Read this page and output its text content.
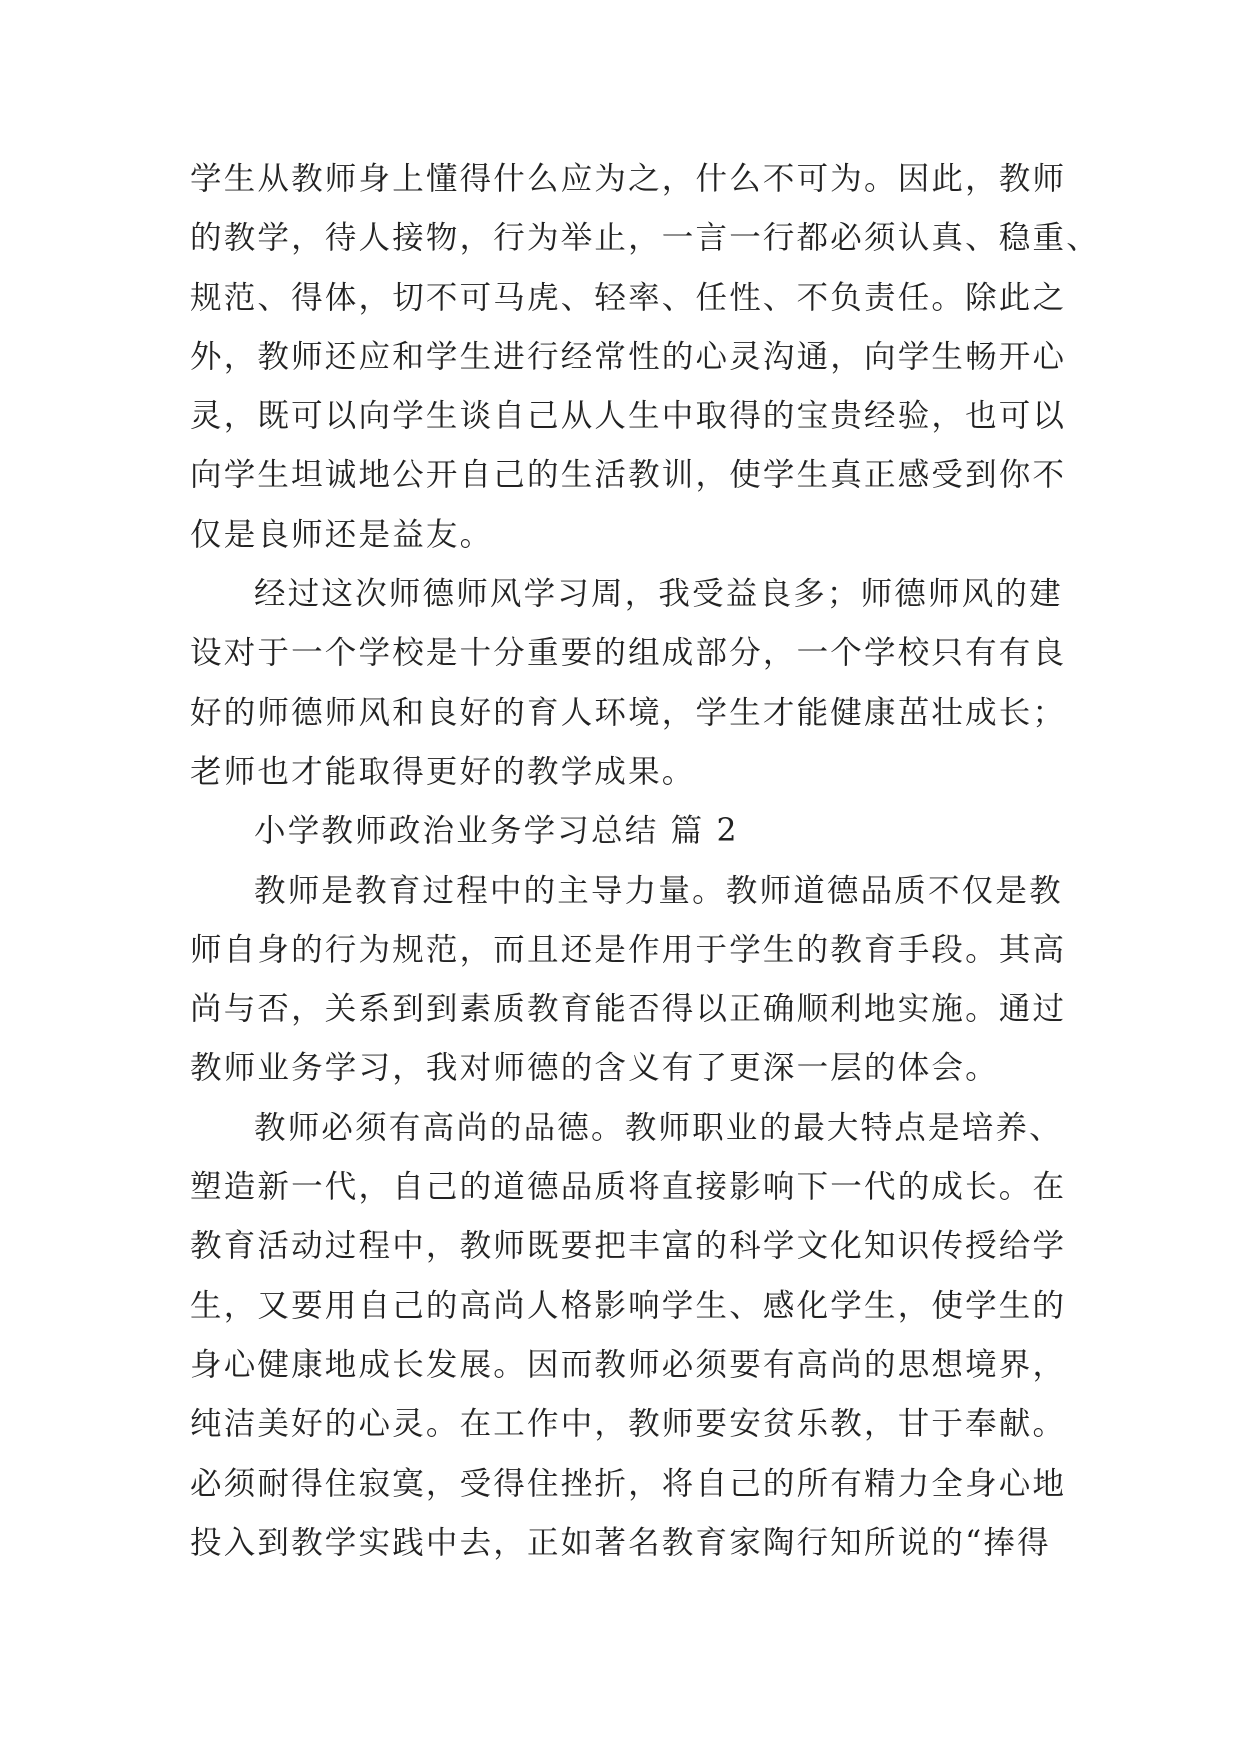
学生从教师身上懂得什么应为之，什么不可为。因此，教师
的教学，待人接物，行为举止，一言一行都必须认真、稳重、
规范、得体，切不可马虎、轻率、任性、不负责任。除此之
外，教师还应和学生进行经常性的心灵沟通，向学生畅开心
灵，既可以向学生谈自己从人生中取得的宝贵经验，也可以
向学生坦诚地公开自己的生活教训，使学生真正感受到你不
仅是良师还是益友。
经过这次师德师风学习周，我受益良多；师德师风的建
设对于一个学校是十分重要的组成部分，一个学校只有有良
好的师德师风和良好的育人环境，学生才能健康茁壮成长；
老师也才能取得更好的教学成果。
小学教师政治业务学习总结 篇 2
教师是教育过程中的主导力量。教师道德品质不仅是教
师自身的行为规范，而且还是作用于学生的教育手段。其高
尚与否，关系到到素质教育能否得以正确顺利地实施。通过
教师业务学习，我对师德的含义有了更深一层的体会。
教师必须有高尚的品德。教师职业的最大特点是培养、
塑造新一代，自己的道德品质将直接影响下一代的成长。在
教育活动过程中，教师既要把丰富的科学文化知识传授给学
生，又要用自己的高尚人格影响学生、感化学生，使学生的
身心健康地成长发展。因而教师必须要有高尚的思想境界，
纯洁美好的心灵。在工作中，教师要安贫乐教，甘于奉献。
必须耐得住寂寞，受得住挫折，将自己的所有精力全身心地
投入到教学实践中去，正如著名教育家陶行知所说的“捧得
